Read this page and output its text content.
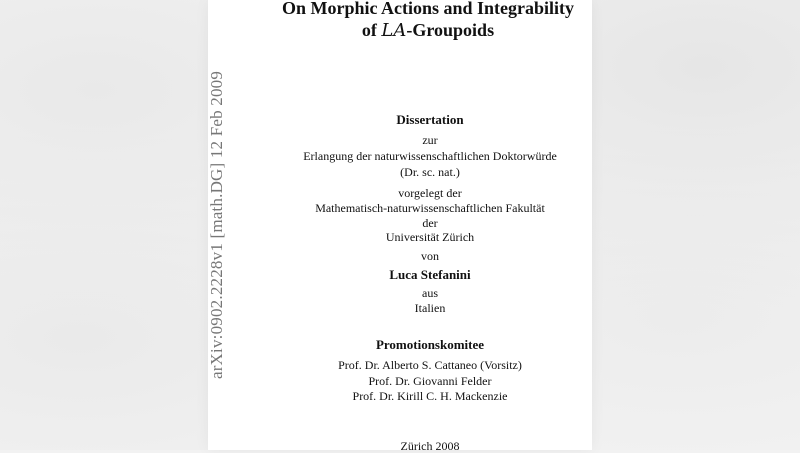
arXiv:0902.2228v1 [math.DG] 12 Feb 2009
On Morphic Actions and Integrability
of LA-Groupoids
Dissertation
zur
Erlangung der naturwissenschaftlichen Doktorwürde
(Dr. sc. nat.)
vorgelegt der
Mathematisch-naturwissenschaftlichen Fakultät
der
Universität Zürich
von
Luca Stefanini
aus
Italien
Promotionskomitee
Prof. Dr. Alberto S. Cattaneo (Vorsitz)
Prof. Dr. Giovanni Felder
Prof. Dr. Kirill C. H. Mackenzie
Zürich 2008
